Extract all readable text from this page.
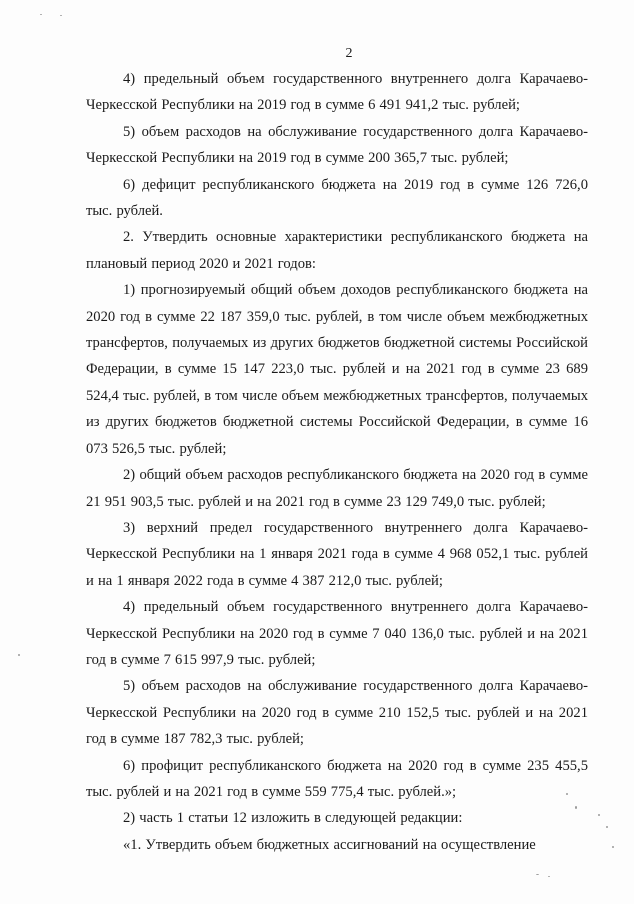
2

4) предельный объем государственного внутреннего долга Карачаево-Черкесской Республики на 2019 год в сумме 6 491 941,2 тыс. рублей;

5) объем расходов на обслуживание государственного долга Карачаево-Черкесской Республики на 2019 год в сумме 200 365,7 тыс. рублей;

6) дефицит республиканского бюджета на 2019 год в сумме 126 726,0 тыс. рублей.

2. Утвердить основные характеристики республиканского бюджета на плановый период 2020 и 2021 годов:

1) прогнозируемый общий объем доходов республиканского бюджета на 2020 год в сумме 22 187 359,0 тыс. рублей, в том числе объем межбюджетных трансфертов, получаемых из других бюджетов бюджетной системы Российской Федерации, в сумме 15 147 223,0 тыс. рублей и на 2021 год в сумме 23 689 524,4 тыс. рублей, в том числе объем межбюджетных трансфертов, получаемых из других бюджетов бюджетной системы Российской Федерации, в сумме 16 073 526,5 тыс. рублей;

2) общий объем расходов республиканского бюджета на 2020 год в сумме 21 951 903,5 тыс. рублей и на 2021 год в сумме 23 129 749,0 тыс. рублей;

3) верхний предел государственного внутреннего долга Карачаево-Черкесской Республики на 1 января 2021 года в сумме 4 968 052,1 тыс. рублей и на 1 января 2022 года в сумме 4 387 212,0 тыс. рублей;

4) предельный объем государственного внутреннего долга Карачаево-Черкесской Республики на 2020 год в сумме 7 040 136,0 тыс. рублей и на 2021 год в сумме 7 615 997,9 тыс. рублей;

5) объем расходов на обслуживание государственного долга Карачаево-Черкесской Республики на 2020 год в сумме 210 152,5 тыс. рублей и на 2021 год в сумме 187 782,3 тыс. рублей;

6) профицит республиканского бюджета на 2020 год в сумме 235 455,5 тыс. рублей и на 2021 год в сумме 559 775,4 тыс. рублей.»;

2) часть 1 статьи 12 изложить в следующей редакции:

«1. Утвердить объем бюджетных ассигнований на осуществление
